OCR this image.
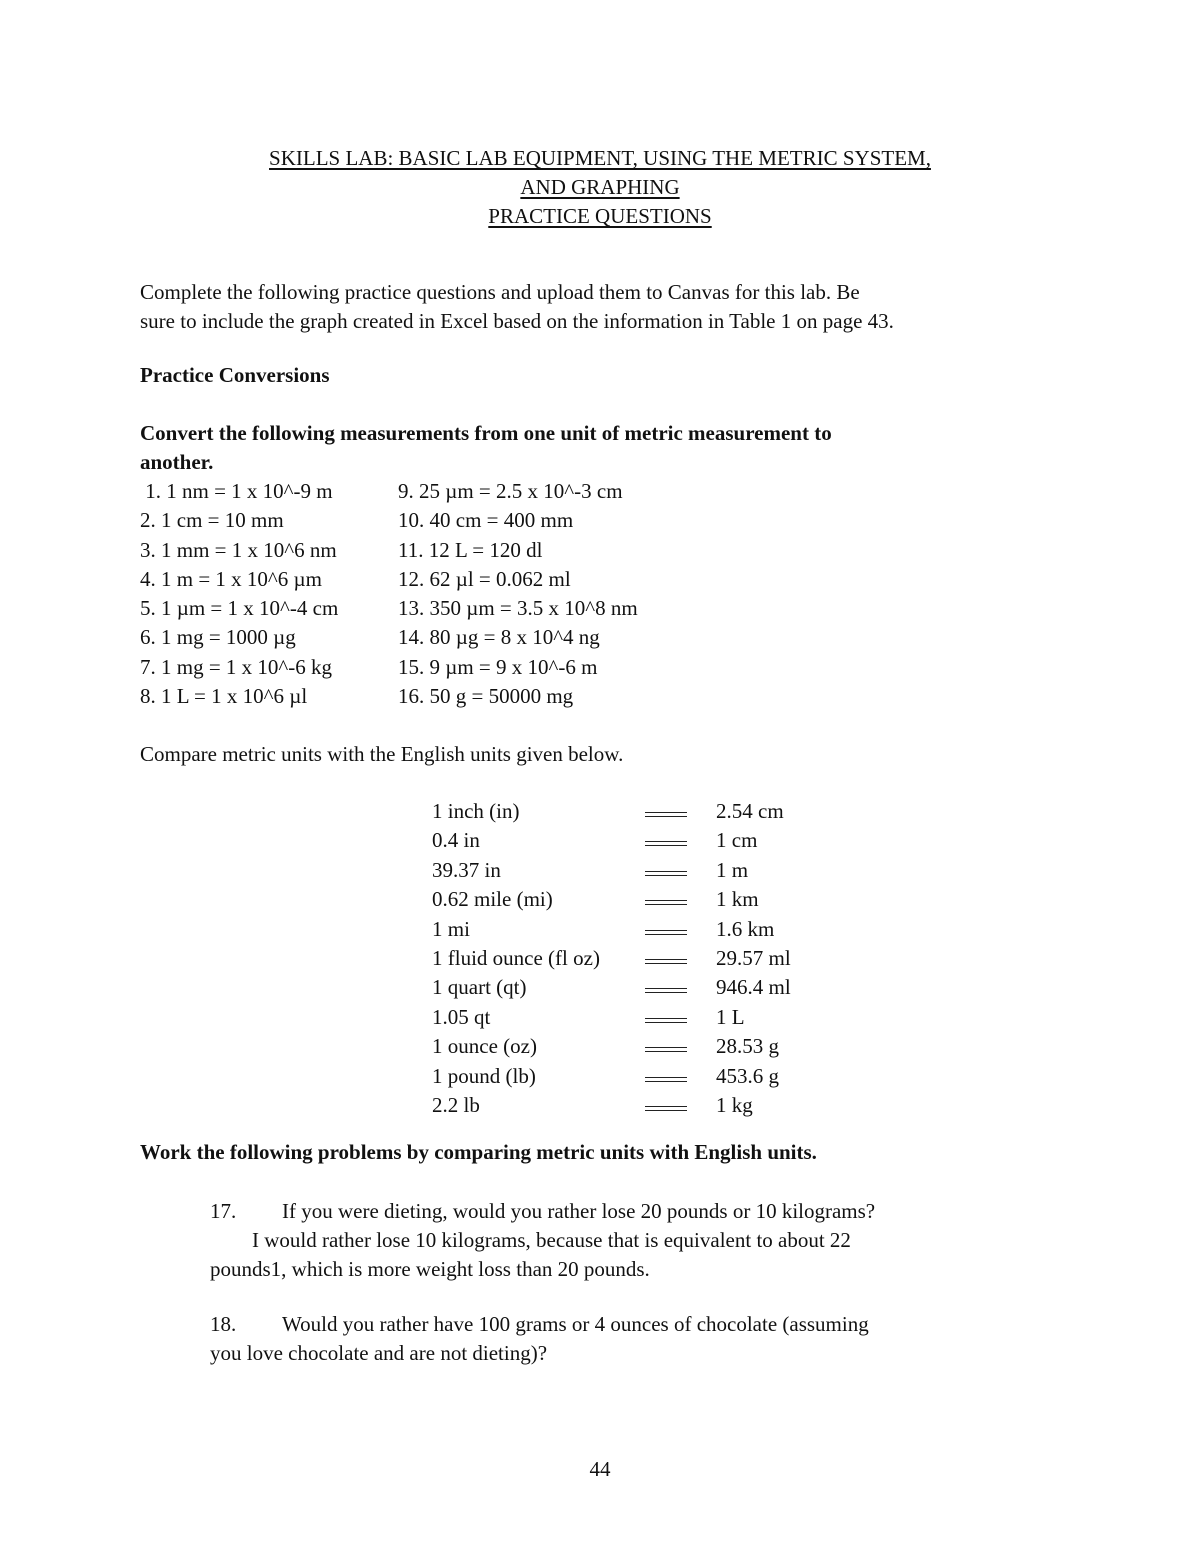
SKILLS LAB: BASIC LAB EQUIPMENT, USING THE METRIC SYSTEM,
AND GRAPHING
PRACTICE QUESTIONS
Complete the following practice questions and upload them to Canvas for this lab. Be
sure to include the graph created in Excel based on the information in Table 1 on page 43.
Practice Conversions
Convert the following measurements from one unit of metric measurement to
another.
1. 1 nm = 1 x 10^-9 m	9. 25 µm = 2.5 x 10^-3 cm
2. 1 cm = 10 mm	10. 40 cm = 400 mm
3. 1 mm = 1 x 10^6 nm	11. 12 L = 120 dl
4. 1 m = 1 x 10^6 µm	12. 62 µl = 0.062 ml
5. 1 µm = 1 x 10^-4 cm	13. 350 µm = 3.5 x 10^8 nm
6. 1 mg = 1000 µg	14. 80 µg = 8 x 10^4 ng
7. 1 mg = 1 x 10^-6 kg	15. 9 µm = 9 x 10^-6 m
8. 1 L = 1 x 10^6 µl	16. 50 g = 50000 mg
Compare metric units with the English units given below.
1 inch (in)	2.54 cm
0.4 in	1 cm
39.37 in	1 m
0.62 mile (mi)	1 km
1 mi	1.6 km
1 fluid ounce (fl oz)	29.57 ml
1 quart (qt)	946.4 ml
1.05 qt	1 L
1 ounce (oz)	28.53 g
1 pound (lb)	453.6 g
2.2 lb	1 kg
Work the following problems by comparing metric units with English units.
17. If you were dieting, would you rather lose 20 pounds or 10 kilograms?
I would rather lose 10 kilograms, because that is equivalent to about 22
pounds1, which is more weight loss than 20 pounds.
18. Would you rather have 100 grams or 4 ounces of chocolate (assuming
you love chocolate and are not dieting)?
44
